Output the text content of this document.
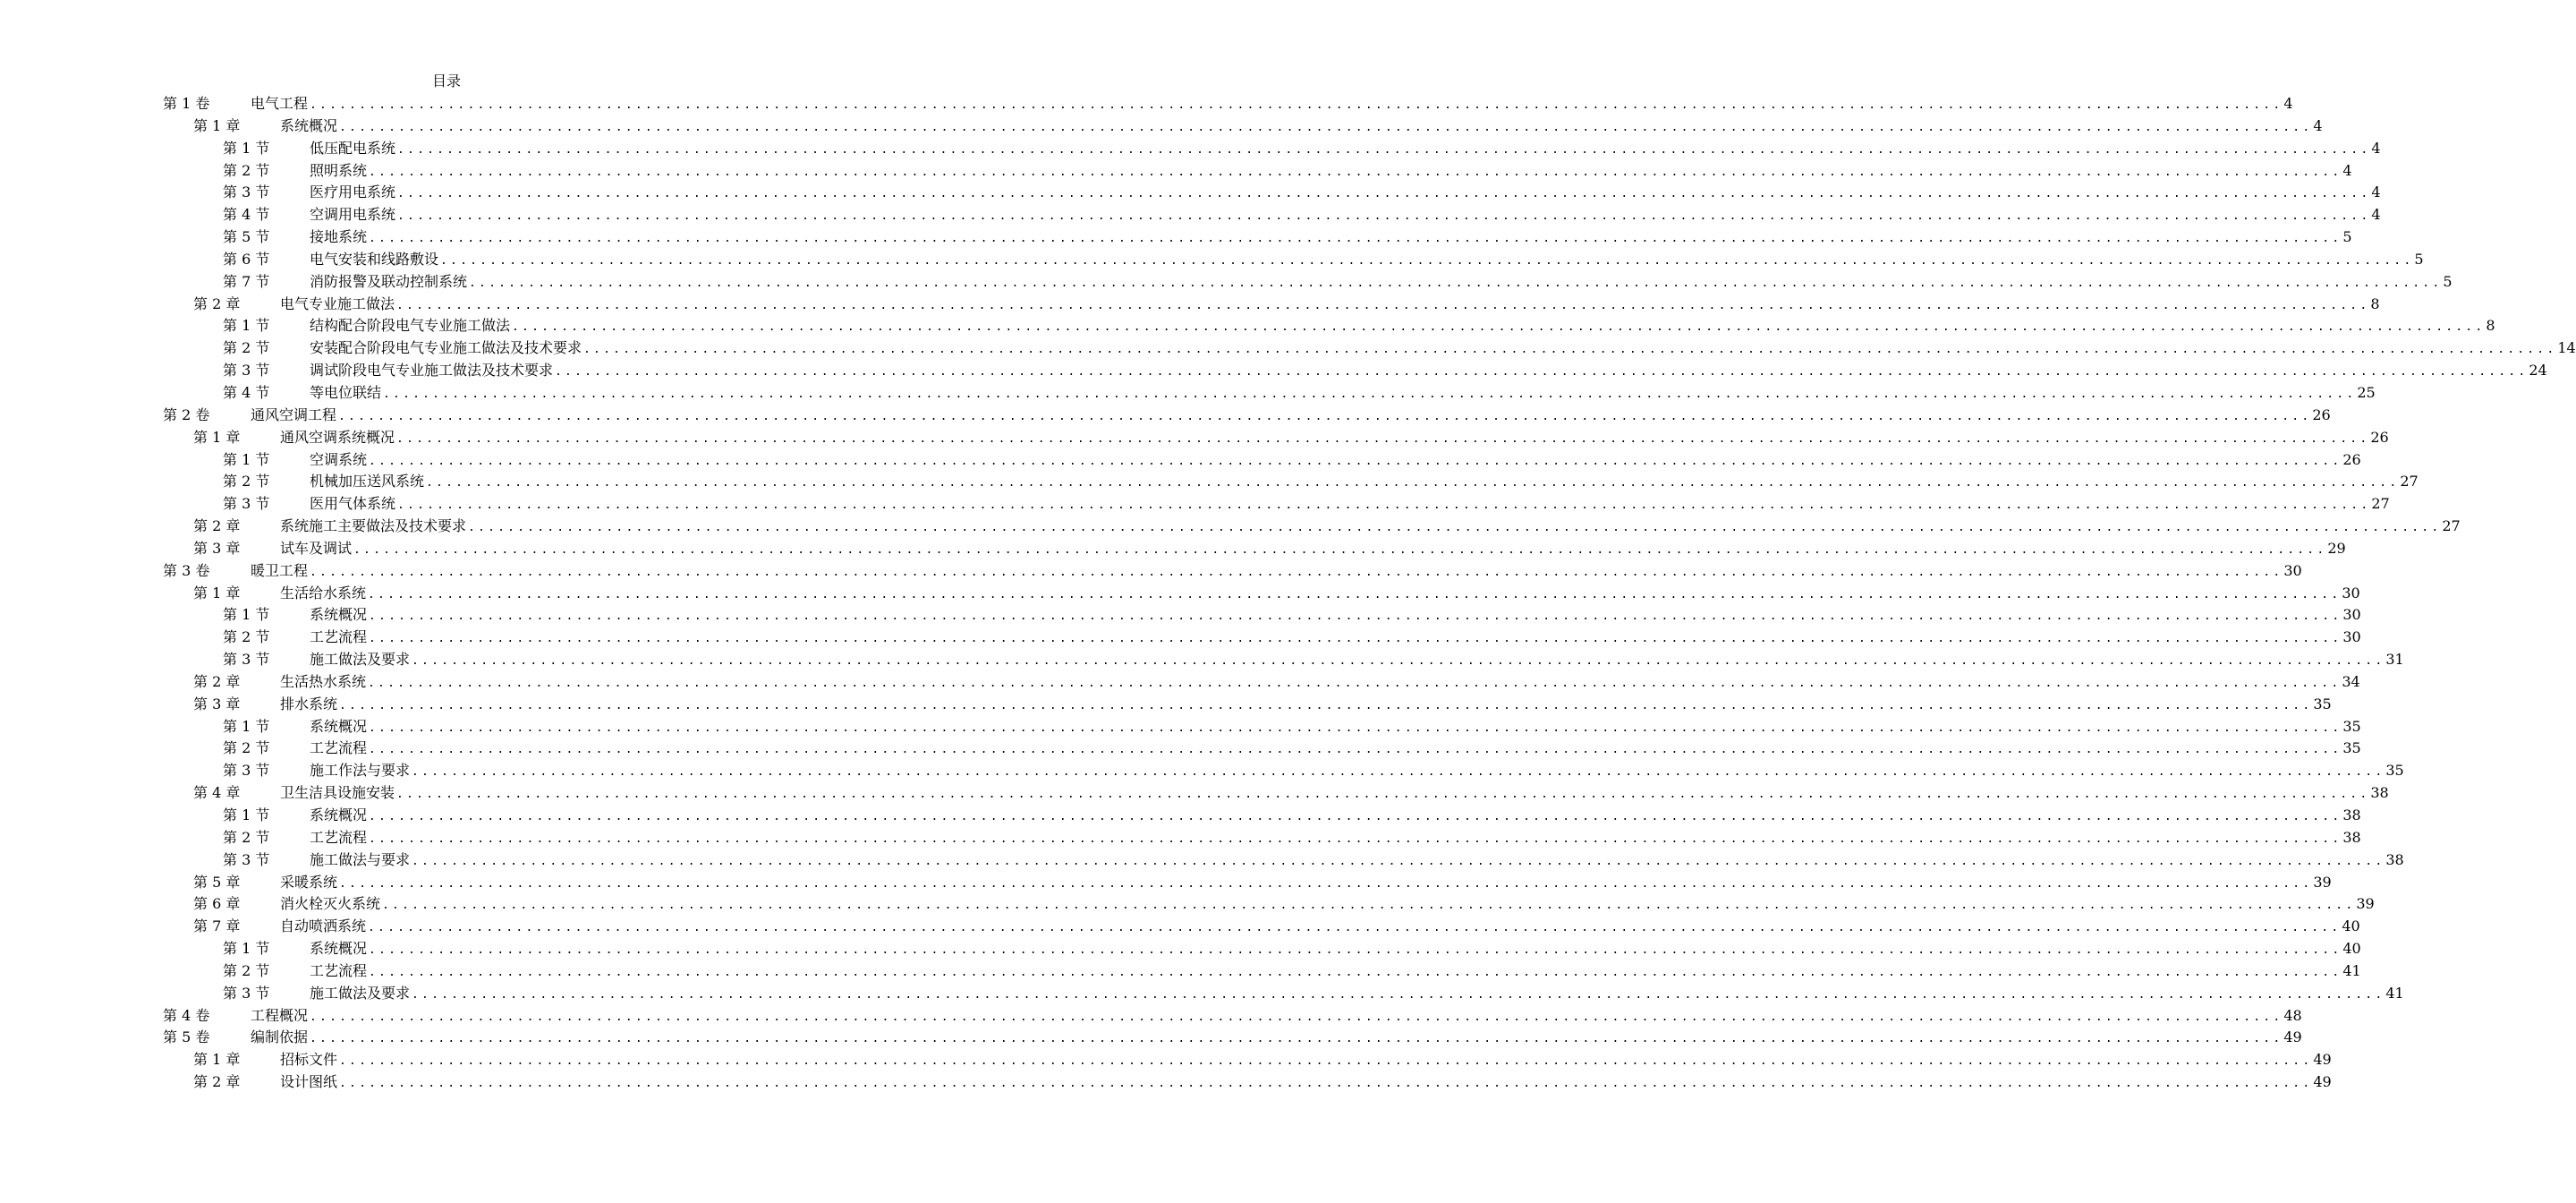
目录
第 1 卷	电气工程 ........................................................................................................................................................................................................ 4
第 1 章	系统概况 ........................................................................................................................................................................................................ 4
第 1 节	低压配电系统 ........................................................................................................................................................................................................ 4
第 2 节	照明系统 ........................................................................................................................................................................................................ 4
第 3 节	医疗用电系统 ........................................................................................................................................................................................................ 4
第 4 节	空调用电系统 ........................................................................................................................................................................................................ 4
第 5 节	接地系统 ........................................................................................................................................................................................................ 5
第 6 节	电气安装和线路敷设 ........................................................................................................................................................................................................ 5
第 7 节	消防报警及联动控制系统 ........................................................................................................................................................................................................ 5
第 2 章	电气专业施工做法 ........................................................................................................................................................................................................ 8
第 1 节	结构配合阶段电气专业施工做法 ........................................................................................................................................................................................................ 8
第 2 节	安装配合阶段电气专业施工做法及技术要求 ........................................................................................................................................................................................................ 14
第 3 节	调试阶段电气专业施工做法及技术要求 ........................................................................................................................................................................................................ 24
第 4 节	等电位联结 ........................................................................................................................................................................................................ 25
第 2 卷	通风空调工程 ........................................................................................................................................................................................................ 26
第 1 章	通风空调系统概况 ........................................................................................................................................................................................................ 26
第 1 节	空调系统 ........................................................................................................................................................................................................ 26
第 2 节	机械加压送风系统 ........................................................................................................................................................................................................ 27
第 3 节	医用气体系统 ........................................................................................................................................................................................................ 27
第 2 章	系统施工主要做法及技术要求 ........................................................................................................................................................................................................ 27
第 3 章	试车及调试 ........................................................................................................................................................................................................ 29
第 3 卷	暖卫工程 ........................................................................................................................................................................................................ 30
第 1 章	生活给水系统 ........................................................................................................................................................................................................ 30
第 1 节	系统概况 ........................................................................................................................................................................................................ 30
第 2 节	工艺流程 ........................................................................................................................................................................................................ 30
第 3 节	施工做法及要求 ........................................................................................................................................................................................................ 31
第 2 章	生活热水系统 ........................................................................................................................................................................................................ 34
第 3 章	排水系统 ........................................................................................................................................................................................................ 35
第 1 节	系统概况 ........................................................................................................................................................................................................ 35
第 2 节	工艺流程 ........................................................................................................................................................................................................ 35
第 3 节	施工作法与要求 ........................................................................................................................................................................................................ 35
第 4 章	卫生洁具设施安装 ........................................................................................................................................................................................................ 38
第 1 节	系统概况 ........................................................................................................................................................................................................ 38
第 2 节	工艺流程 ........................................................................................................................................................................................................ 38
第 3 节	施工做法与要求 ........................................................................................................................................................................................................ 38
第 5 章	采暖系统 ........................................................................................................................................................................................................ 39
第 6 章	消火栓灭火系统 ........................................................................................................................................................................................................ 39
第 7 章	自动喷洒系统 ........................................................................................................................................................................................................ 40
第 1 节	系统概况 ........................................................................................................................................................................................................ 40
第 2 节	工艺流程 ........................................................................................................................................................................................................ 41
第 3 节	施工做法及要求 ........................................................................................................................................................................................................ 41
第 4 卷	工程概况 ........................................................................................................................................................................................................ 48
第 5 卷	编制依据 ........................................................................................................................................................................................................ 49
第 1 章	招标文件 ........................................................................................................................................................................................................ 49
第 2 章	设计图纸 ........................................................................................................................................................................................................ 49
